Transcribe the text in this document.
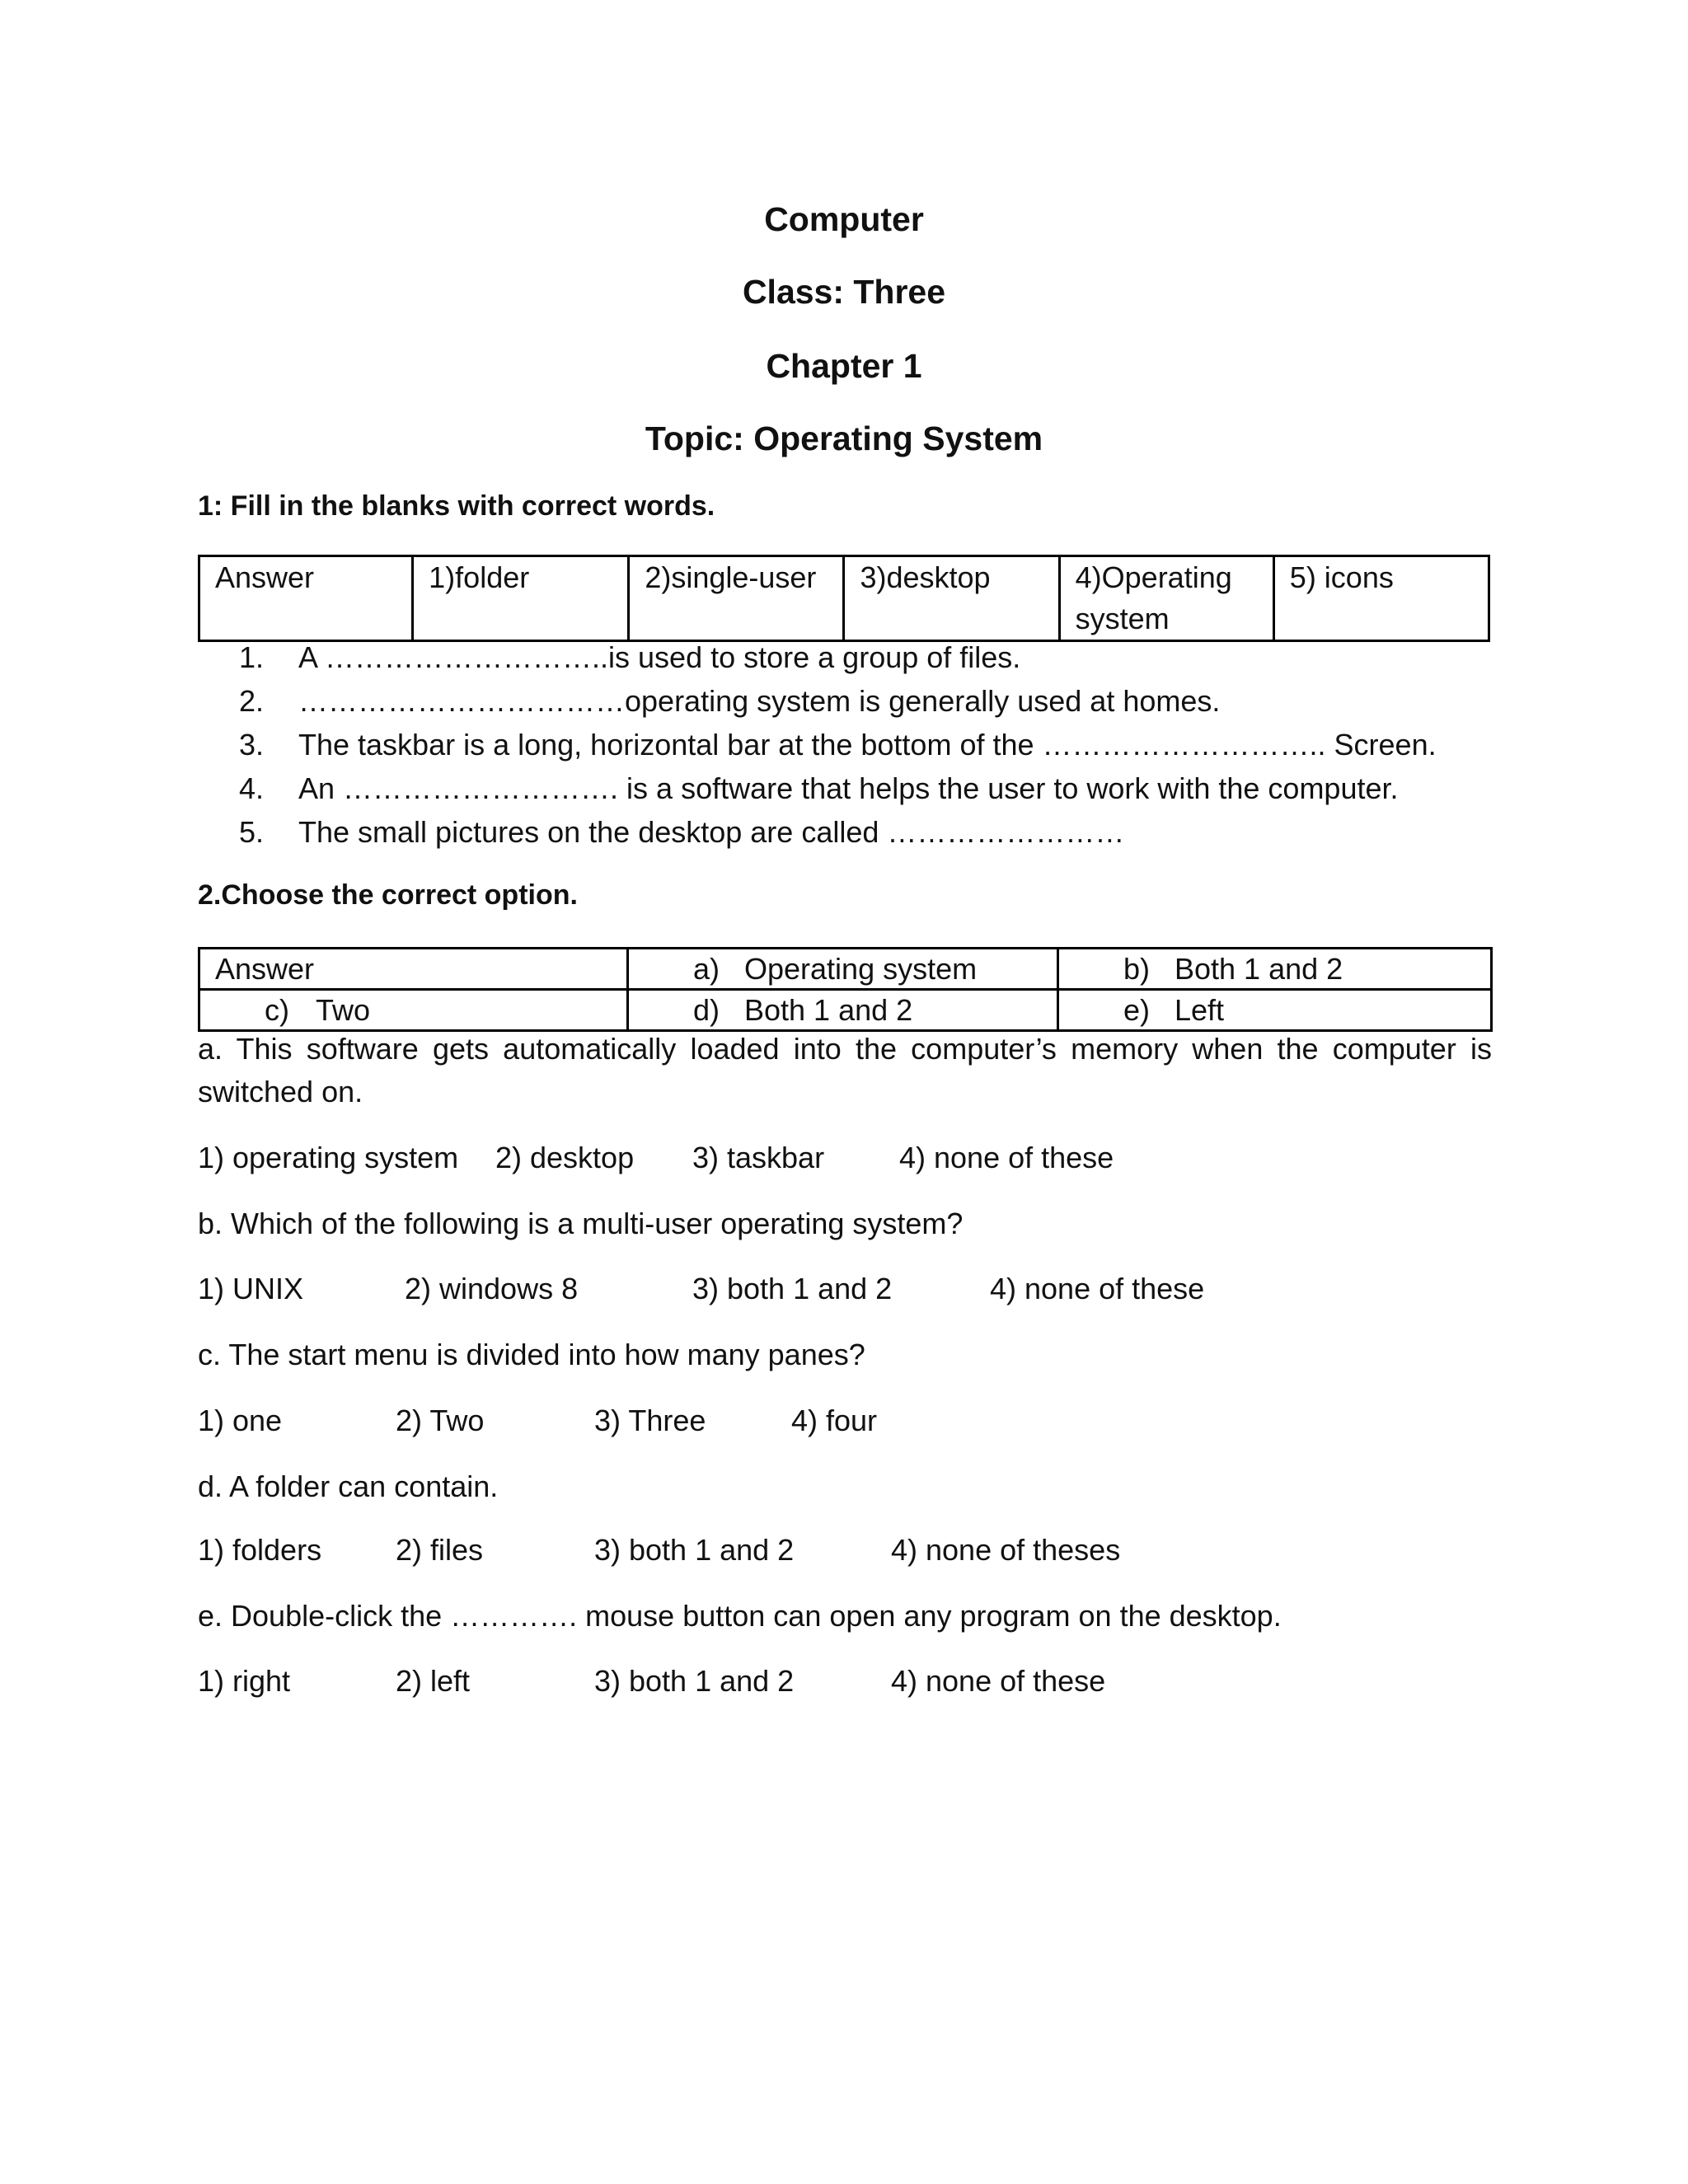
Computer
Class: Three
Chapter 1
Topic: Operating System
1: Fill in the blanks with correct words.
Answer	1)folder	2)single-user	3)desktop	4)Operating system	5) icons
1.	A ………………………..is used to store a group of files.
2.	……………………………operating system is generally used at homes.
3.	The taskbar is a long, horizontal bar at the bottom of the ……………………….. Screen.
4.	An ………………………. is a software that helps the user to work with the computer.
5.	The small pictures on the desktop are called ……………………
2.Choose the correct option.
Answer	a) Operating system	b) Both 1 and 2
c) Two	d) Both 1 and 2	e) Left
a. This software gets automatically loaded into the computer’s memory when the computer is
switched on.
1) operating system 2) desktop 3) taskbar	4) none of these
b. Which of the following is a multi-user operating system?
1) UNIX	2) windows 8	3) both 1 and 2	4) none of these
c. The start menu is divided into how many panes?
1) one	2) Two	3) Three	4) four
d. A folder can contain.
1) folders 2) files	3) both 1 and 2	4) none of theses
e. Double-click the …………. mouse button can open any program on the desktop.
1) right	2) left	3) both 1 and 2	4) none of these
